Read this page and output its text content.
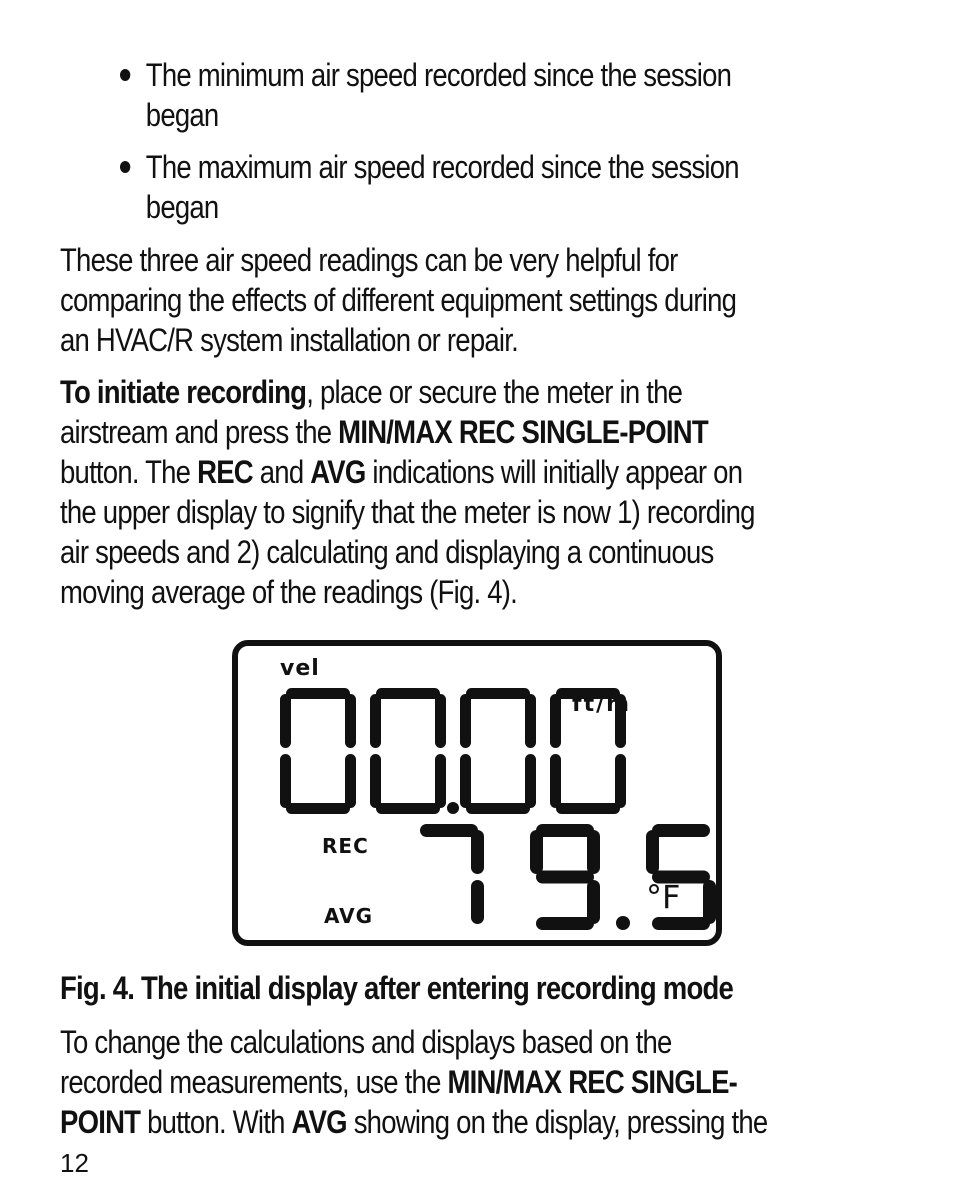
The minimum air speed recorded since the session
began
The maximum air speed recorded since the session
began
These three air speed readings can be very helpful for
comparing the effects of different equipment settings during
an HVAC/R system installation or repair.
To initiate recording, place or secure the meter in the
airstream and press the MIN/MAX REC SINGLE-POINT
button. The REC and AVG indications will initially appear on
the upper display to signify that the meter is now 1) recording
air speeds and 2) calculating and displaying a continuous
moving average of the readings (Fig. 4).
vel
ft/m
REC
AVG	°F
Fig. 4. The initial display after entering recording mode
To change the calculations and displays based on the
recorded measurements, use the MIN/MAX REC SINGLE-
POINT button. With AVG showing on the display, pressing the
12
